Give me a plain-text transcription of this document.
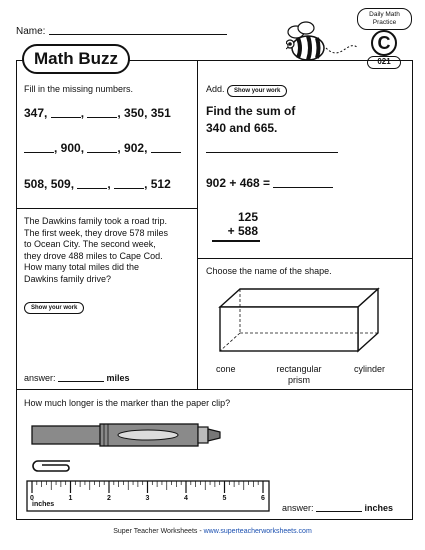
Name:
Daily Math Practice
C
021
Math Buzz
Fill in the missing numbers.
347,	,	, 350, 351
, 900,	, 902,
508, 509,	,	, 512
Add. Show your work
Find the sum of
340 and 665.
902 + 468 =
125
+ 588
The Dawkins family took a road trip.
The first week, they drove 578 miles
to Ocean City. The second week,
they drove 488 miles to Cape Cod.
How many total miles did the
Dawkins family drive?
Show your work
answer:	miles
Choose the name of the shape.
cone	rectangular
prism
cylinder
How much longer is the marker than the paper clip?
0	1	2	3	4	5	6
inches	answer:	inches
Super Teacher Worksheets - www.superteacherworksheets.com
